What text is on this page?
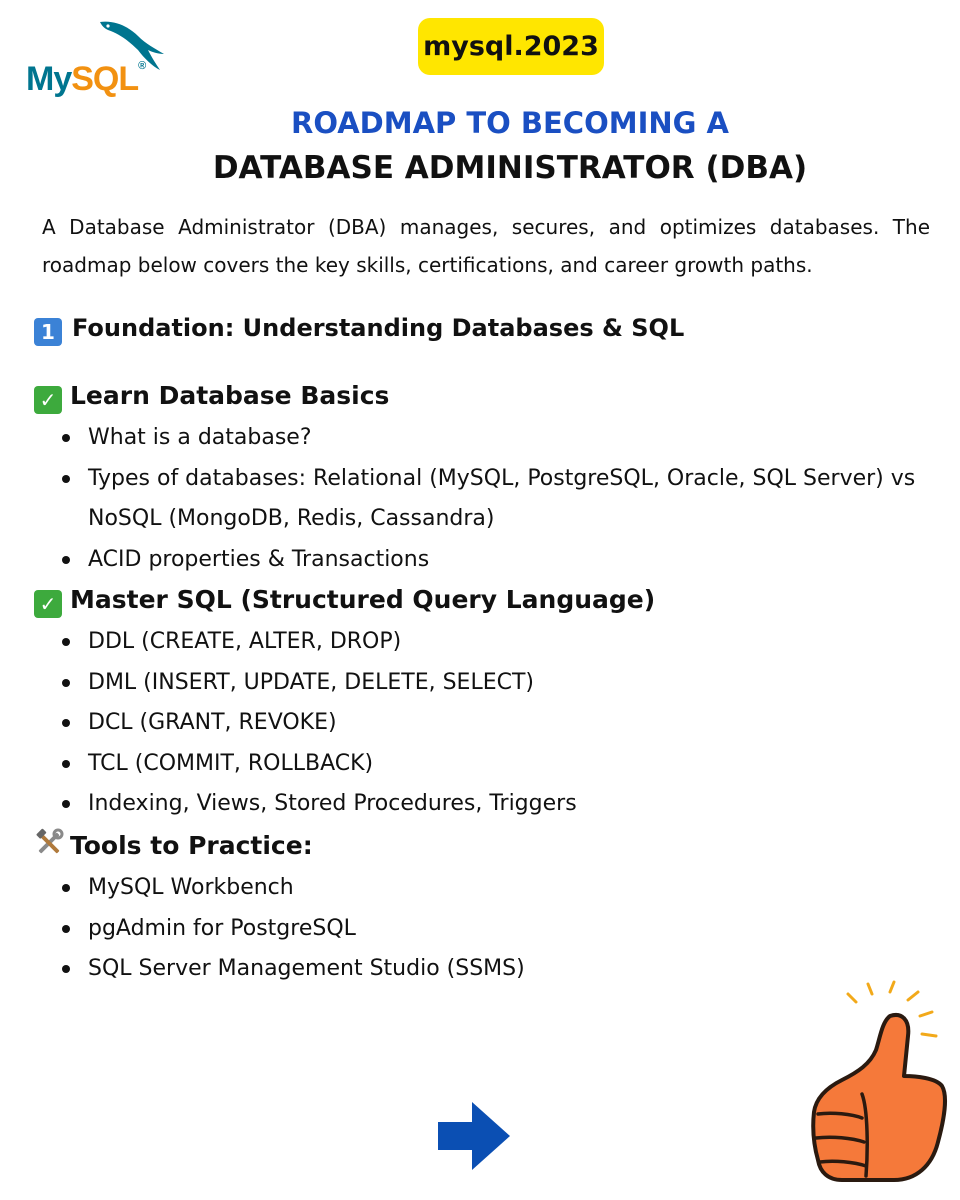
MySQL®
mysql.2023
ROADMAP TO BECOMING A
DATABASE ADMINISTRATOR (DBA)
A Database Administrator (DBA) manages, secures, and optimizes databases. The roadmap below covers the key skills, certifications, and career growth paths.
1 Foundation: Understanding Databases & SQL
✓ Learn Database Basics
What is a database?
Types of databases: Relational (MySQL, PostgreSQL, Oracle, SQL Server) vs NoSQL (MongoDB, Redis, Cassandra)
ACID properties & Transactions
✓ Master SQL (Structured Query Language)
DDL (CREATE, ALTER, DROP)
DML (INSERT, UPDATE, DELETE, SELECT)
DCL (GRANT, REVOKE)
TCL (COMMIT, ROLLBACK)
Indexing, Views, Stored Procedures, Triggers
Tools to Practice:
MySQL Workbench
pgAdmin for PostgreSQL
SQL Server Management Studio (SSMS)
